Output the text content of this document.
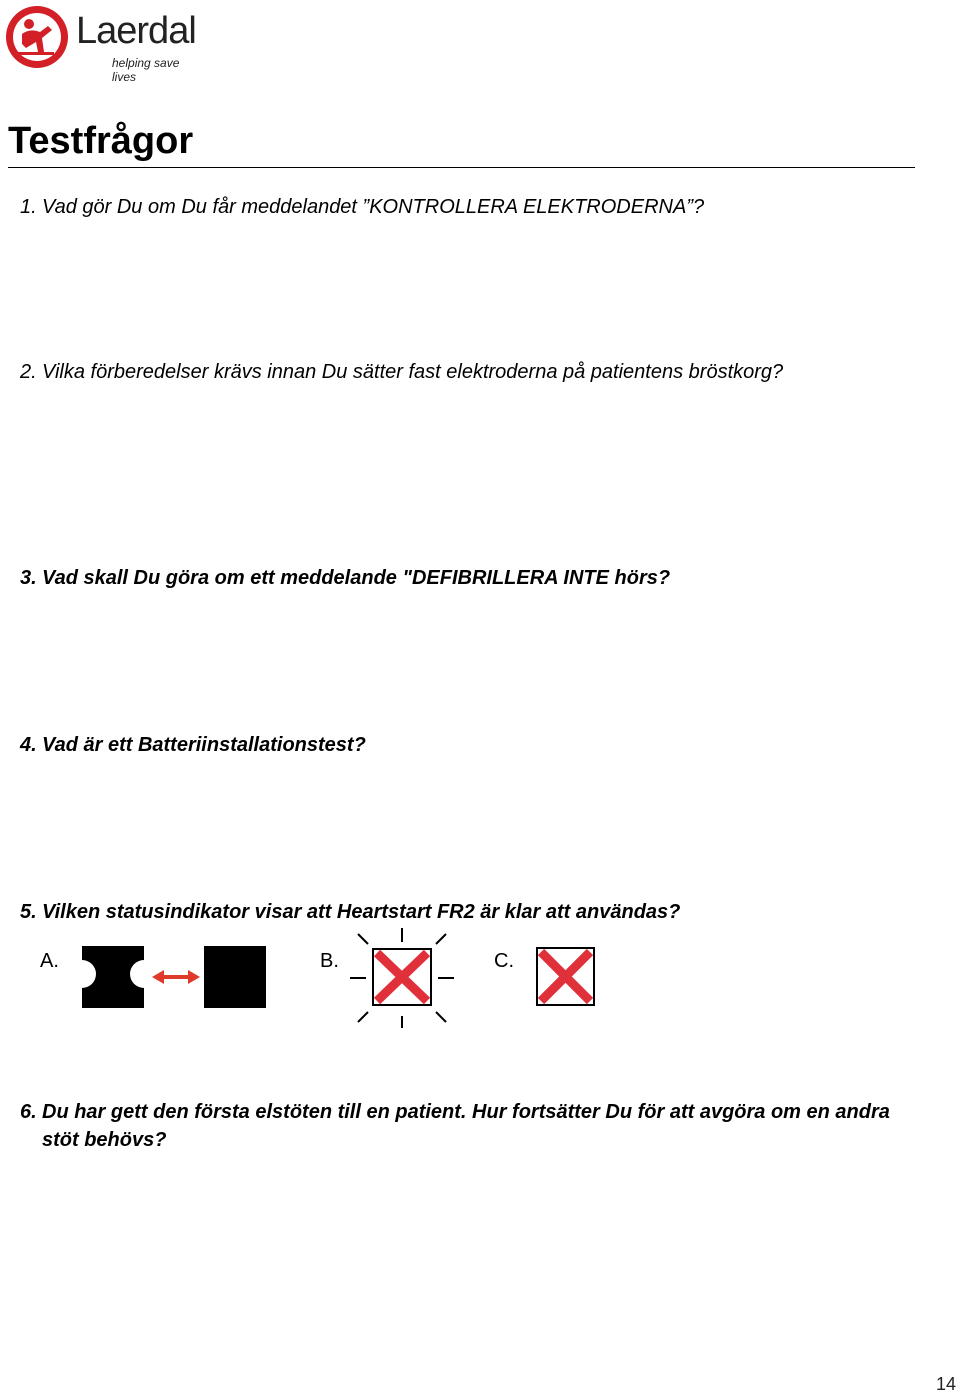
Laerdal
helping save lives
Testfrågor
1. Vad gör Du om Du får meddelandet ”KONTROLLERA ELEKTRODERNA”?
2. Vilka förberedelser krävs innan Du sätter fast elektroderna på patientens bröstkorg?
3. Vad skall Du göra om ett meddelande "DEFIBRILLERA INTE hörs?
4. Vad är ett Batteriinstallationstest?
5. Vilken statusindikator visar att Heartstart FR2 är klar att användas?
A.	B.	C.
6. Du har gett den första elstöten till en patient. Hur fortsätter Du för att avgöra om en andra stöt behövs?
14
